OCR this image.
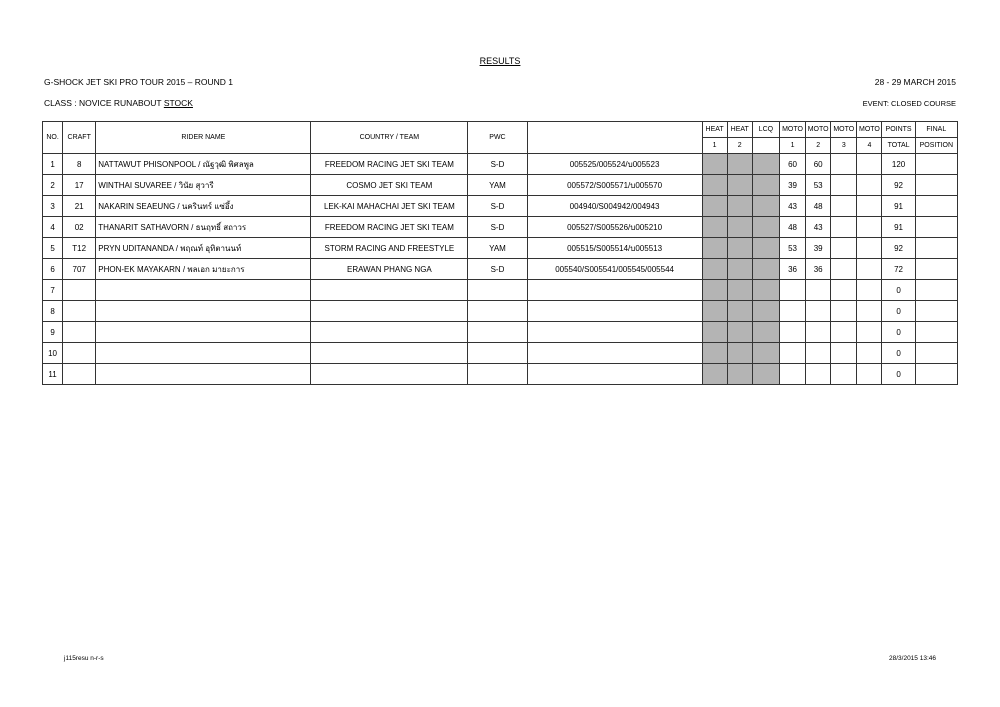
RESULTS
G-SHOCK JET SKI PRO TOUR 2015 – ROUND 1	28 - 29 MARCH 2015
CLASS : NOVICE RUNABOUT STOCK	EVENT: CLOSED COURSE
NO.	CRAFT	RIDER NAME	COUNTRY / TEAM	PWC		HEAT	HEAT	LCQ	MOTO	MOTO	MOTO	MOTO	POINTS	FINAL
						1	2		1	2	3	4	TOTAL	POSITION
1	8	NATTAWUT PHISONPOOL / ณัฐวุฒิ พิศลพูล	FREEDOM RACING JET SKI TEAM	S-D	005525/005524/บ005523				60	60			120	
2	17	WINTHAI SUVAREE / วินัย สุวารี	COSMO JET SKI TEAM	YAM	005572/S005571/บ005570				39	53			92	
3	21	NAKARIN SEAEUNG / นครินทร์ แซ่อึ้ง	LEK-KAI MAHACHAI JET SKI TEAM	S-D	004940/S004942/004943				43	48			91	
4	02	THANARIT SATHAVORN / ธนฤทธิ์ สถาวร	FREEDOM RACING JET SKI TEAM	S-D	005527/S005526/บ005210				48	43			91	
5	T12	PRYN UDITANANDA / พฤณท์ อุทิตานนท์	STORM RACING AND FREESTYLE	YAM	005515/S005514/บ005513				53	39			92	
6	707	PHON-EK MAYAKARN / พลเอก มายะการ	ERAWAN PHANG NGA	S-D	005540/S005541/005545/005544				36	36			72	
7													0	
8													0	
9													0	
10													0	
11													0	
j115resu n-r-s	28/3/2015 13:46
